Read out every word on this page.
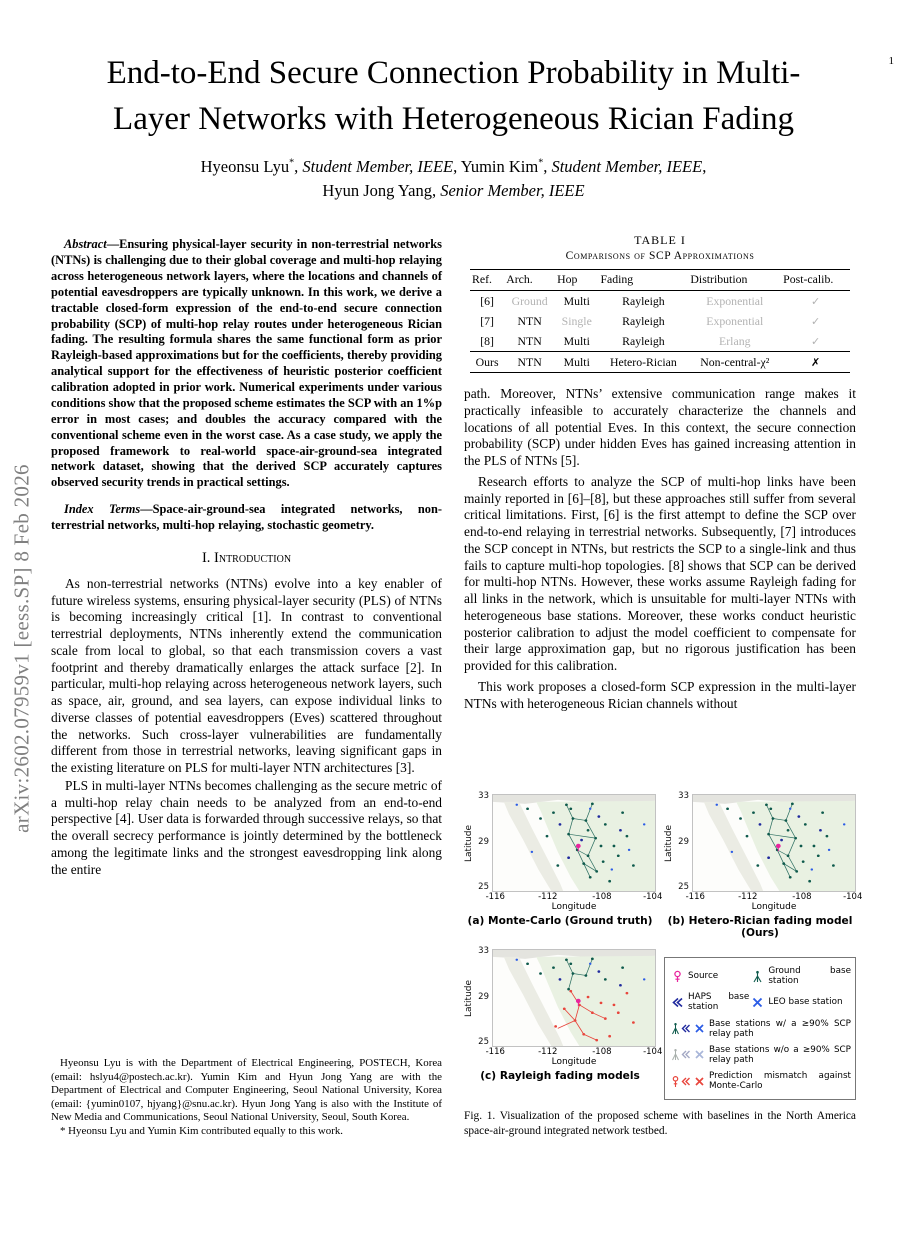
1
arXiv:2602.07959v1 [eess.SP] 8 Feb 2026
End-to-End Secure Connection Probability in Multi-
Layer Networks with Heterogeneous Rician Fading
Hyeonsu Lyu*, Student Member, IEEE, Yumin Kim*, Student Member, IEEE,
Hyun Jong Yang, Senior Member, IEEE

Abstract—Ensuring physical-layer security in non-terrestrial networks (NTNs) is challenging due to their global coverage and multi-hop relaying across heterogeneous network layers, where the locations and channels of potential eavesdroppers are typically unknown. In this work, we derive a tractable closed-form expression of the end-to-end secure connection probability (SCP) of multi-hop relay routes under heterogeneous Rician fading. The resulting formula shares the same functional form as prior Rayleigh-based approximations but for the coefficients, thereby providing analytical support for the effectiveness of heuristic posterior coefficient calibration adopted in prior work. Numerical experiments under various conditions show that the proposed scheme estimates the SCP with an 1%p error in most cases; and doubles the accuracy compared with the conventional scheme even in the worst case. As a case study, we apply the proposed framework to real-world space-air-ground-sea integrated network dataset, showing that the derived SCP accurately captures observed security trends in practical settings.

Index Terms—Space-air-ground-sea integrated networks, non-terrestrial networks, multi-hop relaying, stochastic geometry.

I. Introduction

As non-terrestrial networks (NTNs) evolve into a key enabler of future wireless systems, ensuring physical-layer security (PLS) of NTNs is becoming increasingly critical [1]. In contrast to conventional terrestrial deployments, NTNs inherently extend the communication scale from local to global, so that each transmission covers a vast footprint and thereby dramatically enlarges the attack surface [2]. In particular, multi-hop relaying across heterogeneous network layers, such as space, air, ground, and sea layers, can expose individual links to diverse classes of potential eavesdroppers (Eves) scattered throughout the networks. Such cross-layer vulnerabilities are fundamentally different from those in terrestrial networks, leaving significant gaps in the existing literature on PLS for multi-layer NTN architectures [3].

PLS in multi-layer NTNs becomes challenging as the secure metric of a multi-hop relay chain needs to be analyzed from an end-to-end perspective [4]. User data is forwarded through successive relays, so that the overall secrecy performance is jointly determined by the bottleneck among the legitimate links and the strongest eavesdropping link along the entire

Hyeonsu Lyu is with the Department of Electrical Engineering, POSTECH, Korea (email: hslyu4@postech.ac.kr). Yumin Kim and Hyun Jong Yang are with the Department of Electrical and Computer Engineering, Seoul National University, Korea (email: {yumin0107, hjyang}@snu.ac.kr). Hyun Jong Yang is also with the Institute of New Media and Communications, Seoul National University, Seoul, South Korea.

* Hyeonsu Lyu and Yumin Kim contributed equally to this work.

TABLE I
Comparisons of SCP Approximations
Ref.	Arch.	Hop	Fading	Distribution	Post-calib.
[6]	Ground	Multi	Rayleigh	Exponential	✓
[7]	NTN	Single	Rayleigh	Exponential	✓
[8]	NTN	Multi	Rayleigh	Erlang	✓
Ours	NTN	Multi	Hetero-Rician	Non-central-χ²	✗

path. Moreover, NTNs’ extensive communication range makes it practically infeasible to accurately characterize the channels and locations of all potential Eves. In this context, the secure connection probability (SCP) under hidden Eves has gained increasing attention in the PLS of NTNs [5].

Research efforts to analyze the SCP of multi-hop links have been mainly reported in [6]–[8], but these approaches still suffer from several critical limitations. First, [6] is the first attempt to define the SCP over end-to-end relaying in terrestrial networks. Subsequently, [7] introduces the SCP concept in NTNs, but restricts the SCP to a single-link and thus fails to capture multi-hop topologies. [8] shows that SCP can be derived for multi-hop NTNs. However, these works assume Rayleigh fading for all links in the network, which is unsuitable for multi-layer NTNs with heterogeneous base stations. Moreover, these works conduct heuristic posterior calibration to adjust the model coefficient to compensate for their large approximation gap, but no rigorous justification has been provided for this calibration.

This work proposes a closed-form SCP expression in the multi-layer NTNs with heterogeneous Rician channels without

Latitude
33
29
25
-116	-112	-108	-104
Longitude
(a) Monte-Carlo (Ground truth)
Latitude
33
29
25
-116	-112	-108	-104
Longitude
(b) Hetero-Rician fading model (Ours)
Latitude
33
29
25
-116	-112	-108	-104
Longitude
(c) Rayleigh fading models
Source
Ground base station
HAPS base station
LEO base station
Base stations w/ a ≥90% SCP relay path
Base stations w/o a ≥90% SCP relay path
Prediction mismatch against Monte-Carlo
Fig. 1. Visualization of the proposed scheme with baselines in the North America space-air-ground integrated network testbed.
